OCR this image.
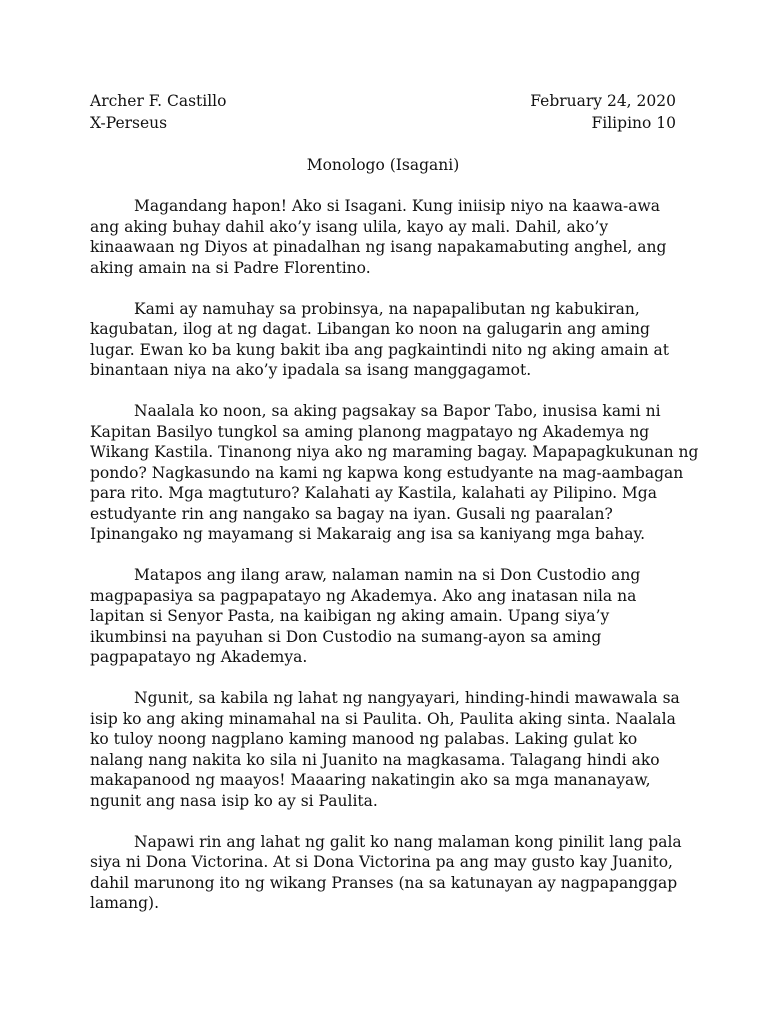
Archer F. Castillo	February 24, 2020
X-Perseus	Filipino 10
Monologo (Isagani)
Magandang hapon! Ako si Isagani. Kung iniisip niyo na kaawa-awa
ang aking buhay dahil ako’y isang ulila, kayo ay mali. Dahil, ako’y
kinaawaan ng Diyos at pinadalhan ng isang napakamabuting anghel, ang
aking amain na si Padre Florentino.
Kami ay namuhay sa probinsya, na napapalibutan ng kabukiran,
kagubatan, ilog at ng dagat. Libangan ko noon na galugarin ang aming
lugar. Ewan ko ba kung bakit iba ang pagkaintindi nito ng aking amain at
binantaan niya na ako’y ipadala sa isang manggagamot.
Naalala ko noon, sa aking pagsakay sa Bapor Tabo, inusisa kami ni
Kapitan Basilyo tungkol sa aming planong magpatayo ng Akademya ng
Wikang Kastila. Tinanong niya ako ng maraming bagay. Mapapagkukunan ng
pondo? Nagkasundo na kami ng kapwa kong estudyante na mag-aambagan
para rito. Mga magtuturo? Kalahati ay Kastila, kalahati ay Pilipino. Mga
estudyante rin ang nangako sa bagay na iyan. Gusali ng paaralan?
Ipinangako ng mayamang si Makaraig ang isa sa kaniyang mga bahay.
Matapos ang ilang araw, nalaman namin na si Don Custodio ang
magpapasiya sa pagpapatayo ng Akademya. Ako ang inatasan nila na
lapitan si Senyor Pasta, na kaibigan ng aking amain. Upang siya’y
ikumbinsi na payuhan si Don Custodio na sumang-ayon sa aming
pagpapatayo ng Akademya.
Ngunit, sa kabila ng lahat ng nangyayari, hinding-hindi mawawala sa
isip ko ang aking minamahal na si Paulita. Oh, Paulita aking sinta. Naalala
ko tuloy noong nagplano kaming manood ng palabas. Laking gulat ko
nalang nang nakita ko sila ni Juanito na magkasama. Talagang hindi ako
makapanood ng maayos! Maaaring nakatingin ako sa mga mananayaw,
ngunit ang nasa isip ko ay si Paulita.
Napawi rin ang lahat ng galit ko nang malaman kong pinilit lang pala
siya ni Dona Victorina. At si Dona Victorina pa ang may gusto kay Juanito,
dahil marunong ito ng wikang Pranses (na sa katunayan ay nagpapanggap
lamang).
